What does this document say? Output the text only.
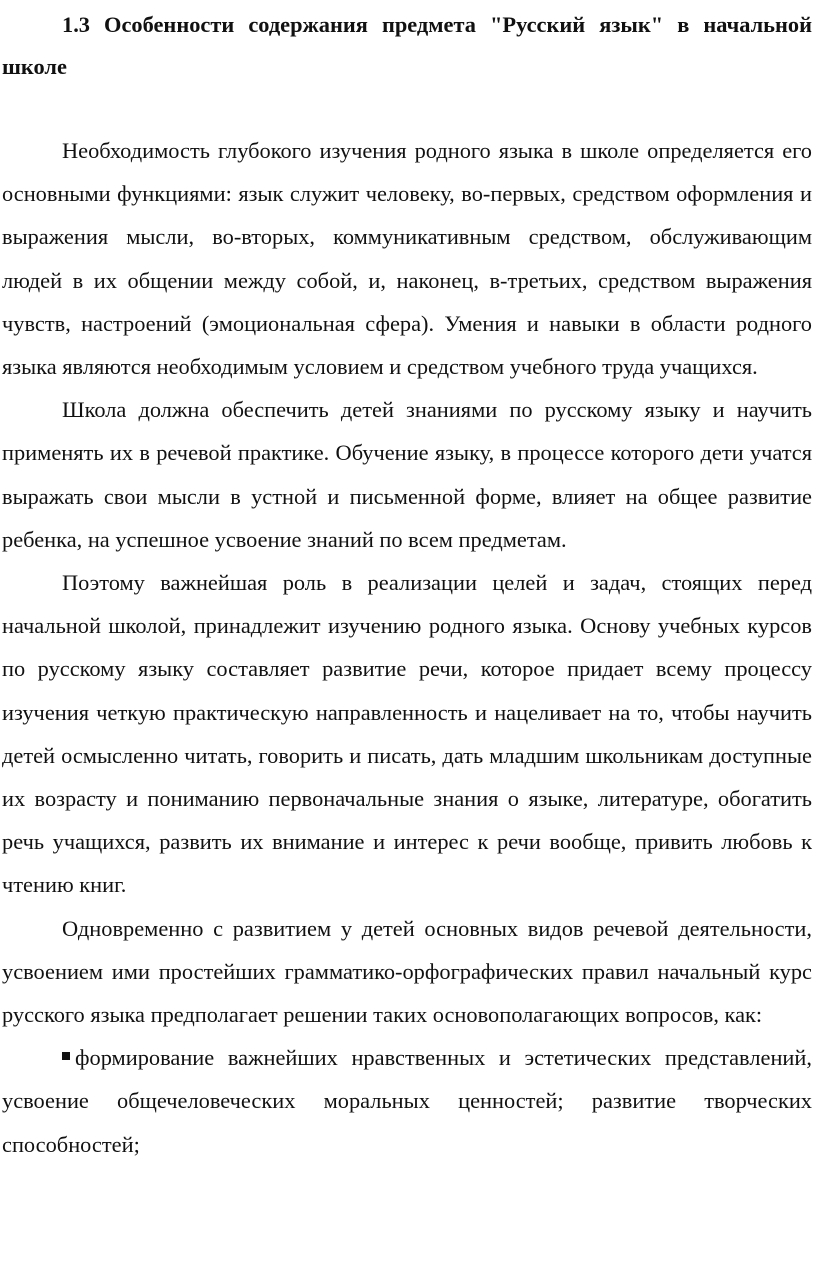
1.3 Особенности содержания предмета "Русский язык" в начальной школе

Необходимость глубокого изучения родного языка в школе определяется его основными функциями: язык служит человеку, во-первых, средством оформления и выражения мысли, во-вторых, коммуникативным средством, обслуживающим людей в их общении между собой, и, наконец, в-третьих, средством выражения чувств, настроений (эмоциональная сфера). Умения и навыки в области родного языка являются необходимым условием и средством учебного труда учащихся.

Школа должна обеспечить детей знаниями по русскому языку и научить применять их в речевой практике. Обучение языку, в процессе которого дети учатся выражать свои мысли в устной и письменной форме, влияет на общее развитие ребенка, на успешное усвоение знаний по всем предметам.

Поэтому важнейшая роль в реализации целей и задач, стоящих перед начальной школой, принадлежит изучению родного языка. Основу учебных курсов по русскому языку составляет развитие речи, которое придает всему процессу изучения четкую практическую направленность и нацеливает на то, чтобы научить детей осмысленно читать, говорить и писать, дать младшим школьникам доступные их возрасту и пониманию первоначальные знания о языке, литературе, обогатить речь учащихся, развить их внимание и интерес к речи вообще, привить любовь к чтению книг.

Одновременно с развитием у детей основных видов речевой деятельности, усвоением ими простейших грамматико-орфографических правил начальный курс русского языка предполагает решении таких основополагающих вопросов, как:

формирование важнейших нравственных и эстетических представлений, усвоение общечеловеческих моральных ценностей; развитие творческих способностей;
